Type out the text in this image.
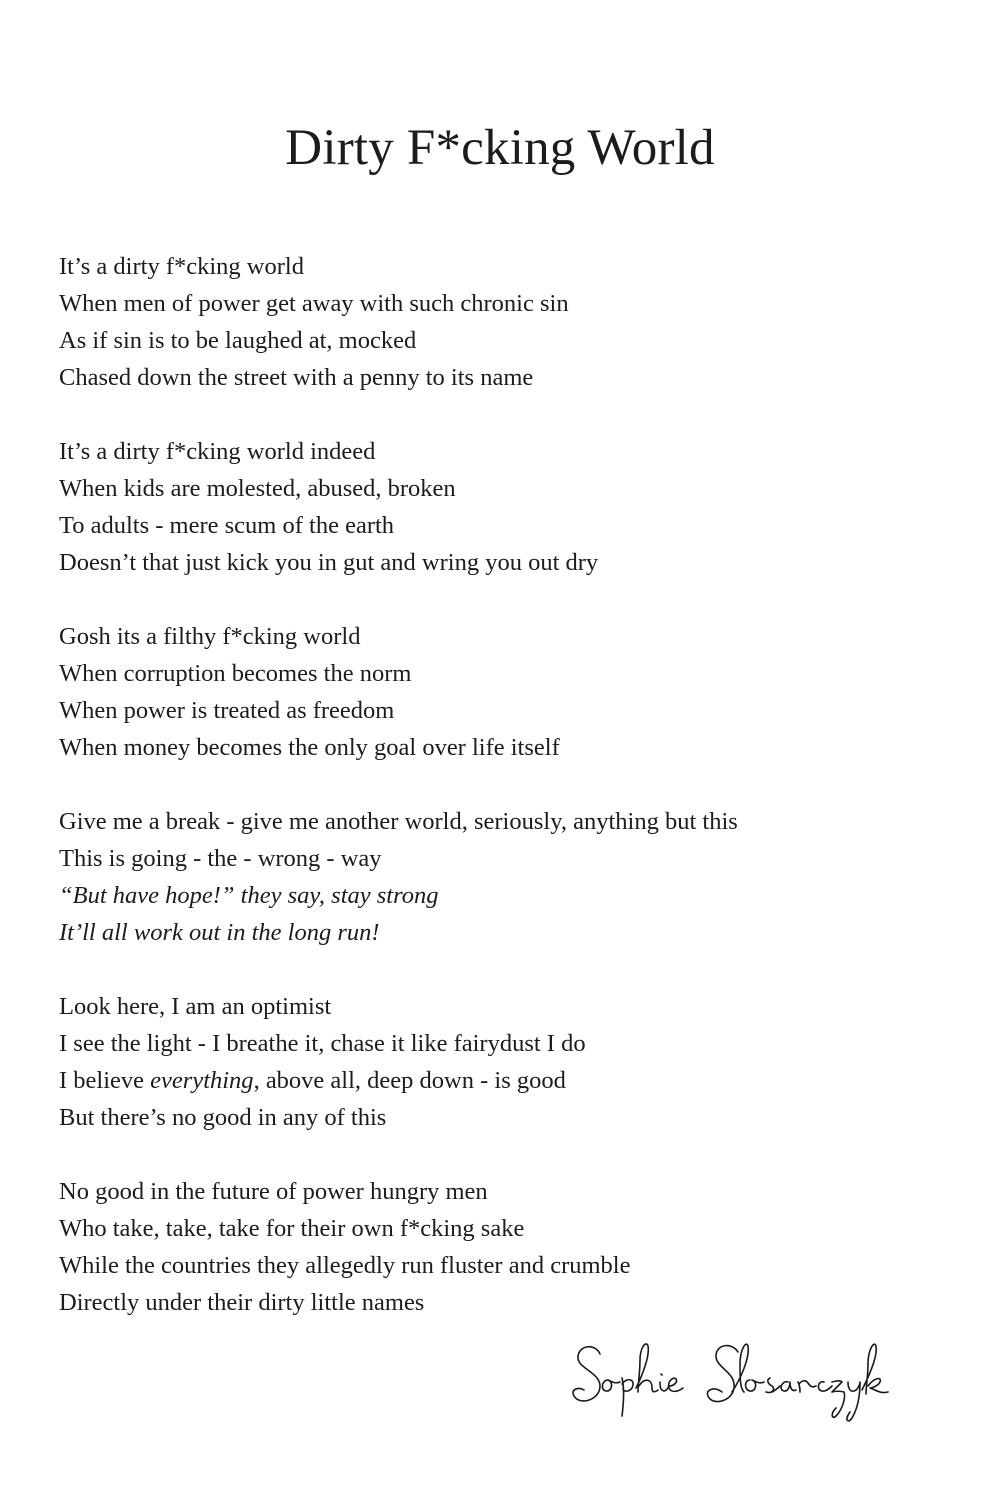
Dirty F*cking World
It’s a dirty f*cking world
When men of power get away with such chronic sin
As if sin is to be laughed at, mocked
Chased down the street with a penny to its name
It’s a dirty f*cking world indeed
When kids are molested, abused, broken
To adults - mere scum of the earth
Doesn’t that just kick you in gut and wring you out dry
Gosh its a filthy f*cking world
When corruption becomes the norm
When power is treated as freedom
When money becomes the only goal over life itself
Give me a break - give me another world, seriously, anything but this
This is going - the - wrong - way
“But have hope!” they say, stay strong
It’ll all work out in the long run!
Look here, I am an optimist
I see the light - I breathe it, chase it like fairydust I do
I believe everything, above all, deep down - is good
But there’s no good in any of this
No good in the future of power hungry men
Who take, take, take for their own f*cking sake
While the countries they allegedly run fluster and crumble
Directly under their dirty little names
